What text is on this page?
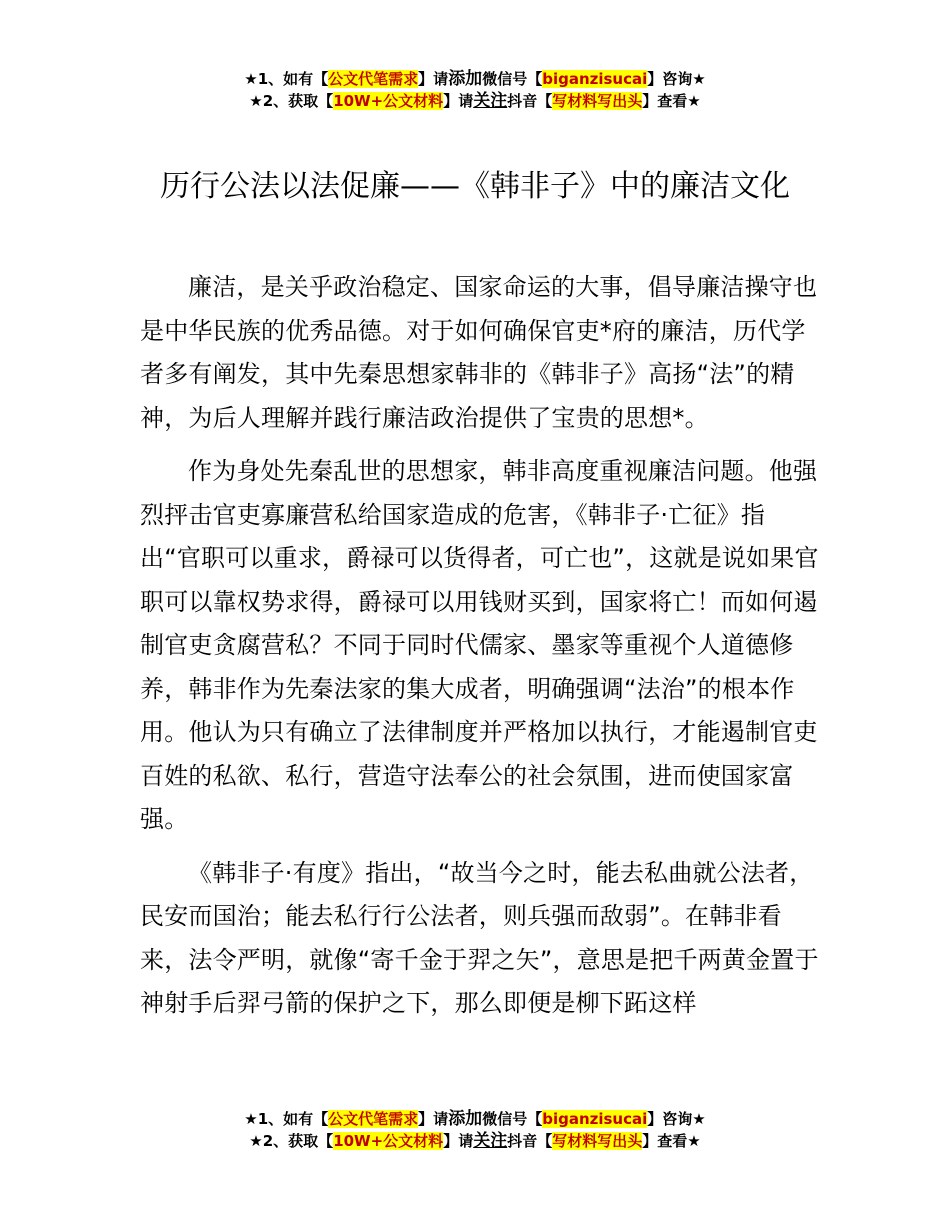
★1、如有【公文代笔需求】请添加微信号【biganzisucai】咨询★
★2、获取【10W+公文材料】请关注抖音【写材料写出头】查看★
历行公法以法促廉——《韩非子》中的廉洁文化

廉洁，是关乎政治稳定、国家命运的大事，倡导廉洁操守也是中华民族的优秀品德。对于如何确保官吏*府的廉洁，历代学者多有阐发，其中先秦思想家韩非的《韩非子》高扬“法”的精神，为后人理解并践行廉洁政治提供了宝贵的思想*。

作为身处先秦乱世的思想家，韩非高度重视廉洁问题。他强烈抨击官吏寡廉营私给国家造成的危害，《韩非子·亡征》指出“官职可以重求，爵禄可以货得者，可亡也”，这就是说如果官职可以靠权势求得，爵禄可以用钱财买到，国家将亡！而如何遏制官吏贪腐营私？不同于同时代儒家、墨家等重视个人道德修养，韩非作为先秦法家的集大成者，明确强调“法治”的根本作用。他认为只有确立了法律制度并严格加以执行，才能遏制官吏百姓的私欲、私行，营造守法奉公的社会氛围，进而使国家富强。

《韩非子·有度》指出，“故当今之时，能去私曲就公法者，民安而国治；能去私行行公法者，则兵强而敌弱”。在韩非看来，法令严明，就像“寄千金于羿之矢”，意思是把千两黄金置于神射手后羿弓箭的保护之下，那么即便是柳下跖这样

★1、如有【公文代笔需求】请添加微信号【biganzisucai】咨询★
★2、获取【10W+公文材料】请关注抖音【写材料写出头】查看★
